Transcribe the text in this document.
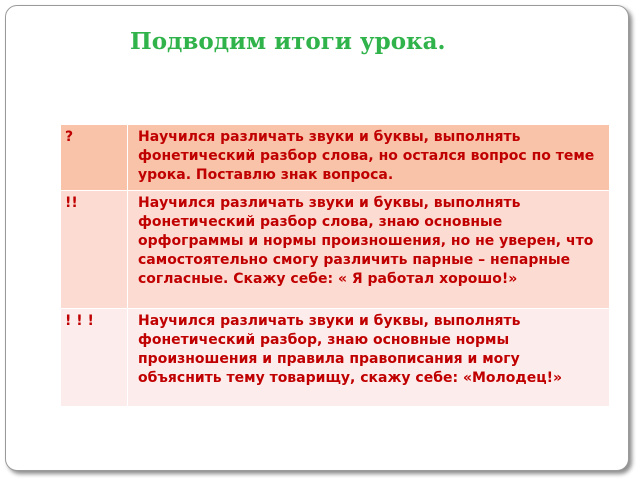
Подводим итоги урока.
?	Научился различать звуки и буквы, выполнять фонетический разбор слова, но остался вопрос по теме урока. Поставлю знак вопроса.

!!	Научился различать звуки и буквы, выполнять фонетический разбор слова, знаю основные орфограммы и нормы произношения, но не уверен, что самостоятельно смогу различить парные – непарные согласные. Скажу себе: « Я работал хорошо!»

! ! !	Научился различать звуки и буквы, выполнять фонетический разбор, знаю основные нормы произношения и правила правописания и могу объяснить тему товарищу, скажу себе: «Молодец!»
